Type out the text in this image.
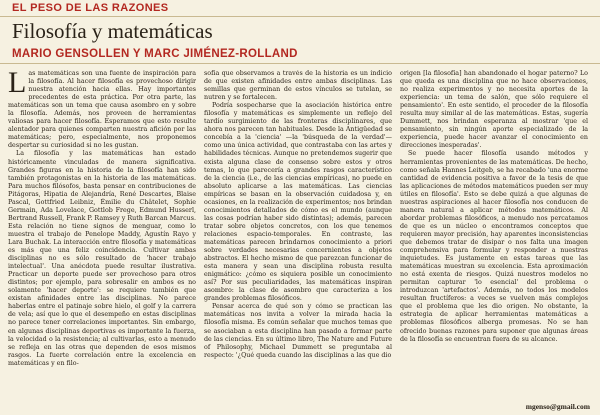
EL PESO DE LAS RAZONES
Filosofía y matemáticas
MARIO GENSOLLEN Y MARC JIMÉNEZ-ROLLAND

Las matemáticas son una fuente de inspiración para la filosofía. Al hacer filosofía es provechoso dirigir nuestra atención hacia ellas. Hay importantes precedentes de esta práctica. Por otra parte, las matemáticas son un tema que causa asombro en y sobre la filosofía. Además, nos proveen de herramientas valiosas para hacer filosofía. Esperamos que esto resulte alentador para quienes comparten nuestra afición por las matemáticas; pero, especialmente, nos proponemos despertar su curiosidad si no les gustan.

La filosofía y las matemáticas han estado históricamente vinculadas de manera significativa. Grandes figuras en la historia de la filosofía han sido también protagonistas en la historia de las matemáticas. Para muchos filósofos, basta pensar en contribuciones de Pitágoras, Hipatia de Alejandría, René Descartes, Blaise Pascal, Gottfried Leibniz, Émilie du Châtelet, Sophie Germain, Ada Lovelace, Gottlob Frege, Edmund Husserl, Bertrand Russell, Frank P. Ramsey y Ruth Barcan Marcus. Esta relación no tiene signos de menguar, como lo muestra el trabajo de Penelope Maddy, Agustín Rayo y Lara Buchak. La interacción entre filosofía y matemáticas es más que una feliz coincidencia. Cultivar ambas disciplinas no es sólo resultado de 'hacer trabajo intelectual'. Una anécdota puede resultar ilustrativa. Practicar un deporte puede ser provechoso para otros distintos; por ejemplo, para sobresalir en ambos es no solamente 'hacer deporte': se requiere también que existan afinidades entre las disciplinas. No parece haberlas entre el patinaje sobre hielo, el golf y la carrera de vela; así que lo que el desempeño en estas disciplinas no parece tener correlaciones importantes. Sin embargo, en algunas disciplinas deportivas es importante la fuerza, la velocidad o la resistencia; al cultivarlas, esto a menudo se refleja en las otras que dependen de esos mismos rasgos. La fuerte correlación entre la excelencia en matemáticas y en filo-

sofía que observamos a través de la historia es un indicio de que existen afinidades entre ambas disciplinas. Las semillas que germinan de estos vínculos se tutelan, se nutren y se fortalecen.

Podría sospecharse que la asociación histórica entre filosofía y matemáticas es simplemente un reflejo del tardío surgimiento de las fronteras disciplinares, que ahora nos parecen tan habituales. Desde la Antigüedad se concebía a la 'ciencia' —la 'búsqueda de la verdad'— como una única actividad, que contrastaba con las artes y habilidades técnicas. Aunque no pretendemos sugerir que exista alguna clase de consenso sobre estos y otros temas, lo que parecería a grandes rasgos característico de la ciencia (i.e., de las ciencias empíricas), no puede en absoluto aplicarse a las matemáticas. Las ciencias empíricas se basan en la observación cuidadosa y, en ocasiones, en la realización de experimentos; nos brindan conocimientos detallados de cómo es el mundo (aunque las cosas podrían haber sido distintas); además, parecen tratar sobre objetos concretos, con los que tenemos relaciones espacio-temporales. En contraste, las matemáticas parecen brindarnos conocimiento a priori sobre verdades necesarias concernientes a objetos abstractos. El hecho mismo de que parezcan funcionar de esta manera y sean una disciplina robusta resulta enigmático: ¿cómo es siquiera posible un conocimiento así? Por sus peculiaridades, las matemáticas inspiran asombro: la clase de asombro que caracteriza a los grandes problemas filosóficos.

Pensar acerca de qué son y cómo se practican las matemáticas nos invita a volver la mirada hacia la filosofía misma. Es común señalar que muchos temas que se asociaban a esta disciplina han pasado a formar parte de las ciencias. En su último libro, The Nature and Future of Philosophy, Michael Dummett se preguntaba al respecto: '¿Qué queda cuando las disciplinas a las que dio

origen [la filosofía] han abandonado el hogar paterno? Lo que queda es una disciplina que no hace observaciones, no realiza experimentos y no necesita aportes de la experiencia: un tema de salón, que sólo requiere el pensamiento'. En este sentido, el proceder de la filosofía resulta muy similar al de las matemáticas. Estas, sugería Dummett, nos brindan esperanza al mostrar 'que el pensamiento, sin ningún aporte especializado de la experiencia, puede hacer avanzar el conocimiento en direcciones inesperadas'.

Se puede hacer filosofía usando métodos y herramientas provenientes de las matemáticas. De hecho, como señala Hannes Leitgeb, se ha recabado 'una enorme cantidad de evidencia positiva a favor de la tesis de que las aplicaciones de métodos matemáticos pueden ser muy útiles en filosofía'. Esto se debe quizá a que algunas de nuestras aspiraciones al hacer filosofía nos conducen de manera natural a aplicar métodos matemáticos. Al abordar problemas filosóficos, a menudo nos percatamos de que es un núcleo o encontramos conceptos que requieren mayor precisión, hay aparentes inconsistencias que debemos tratar de disipar o nos falta una imagen comprehensiva para formular y responder a nuestras inquietudes. Es justamente en estas tareas que las matemáticas muestran su excelencia. Esta aproximación no está exenta de riesgos. Quizá nuestros modelos no permitan capturar 'lo esencial' del problema o introduzcan 'artefactos'. Además, no todos los modelos resultan fructíferos: a veces se vuelven más complejos que el problema que les dio origen. No obstante, la estrategia de aplicar herramientas matemáticas a problemas filosóficos alberga promesas. No se han ofrecido buenas razones para suponer que algunas áreas de la filosofía se encuentran fuera de su alcance.

mgenso@gmail.com
